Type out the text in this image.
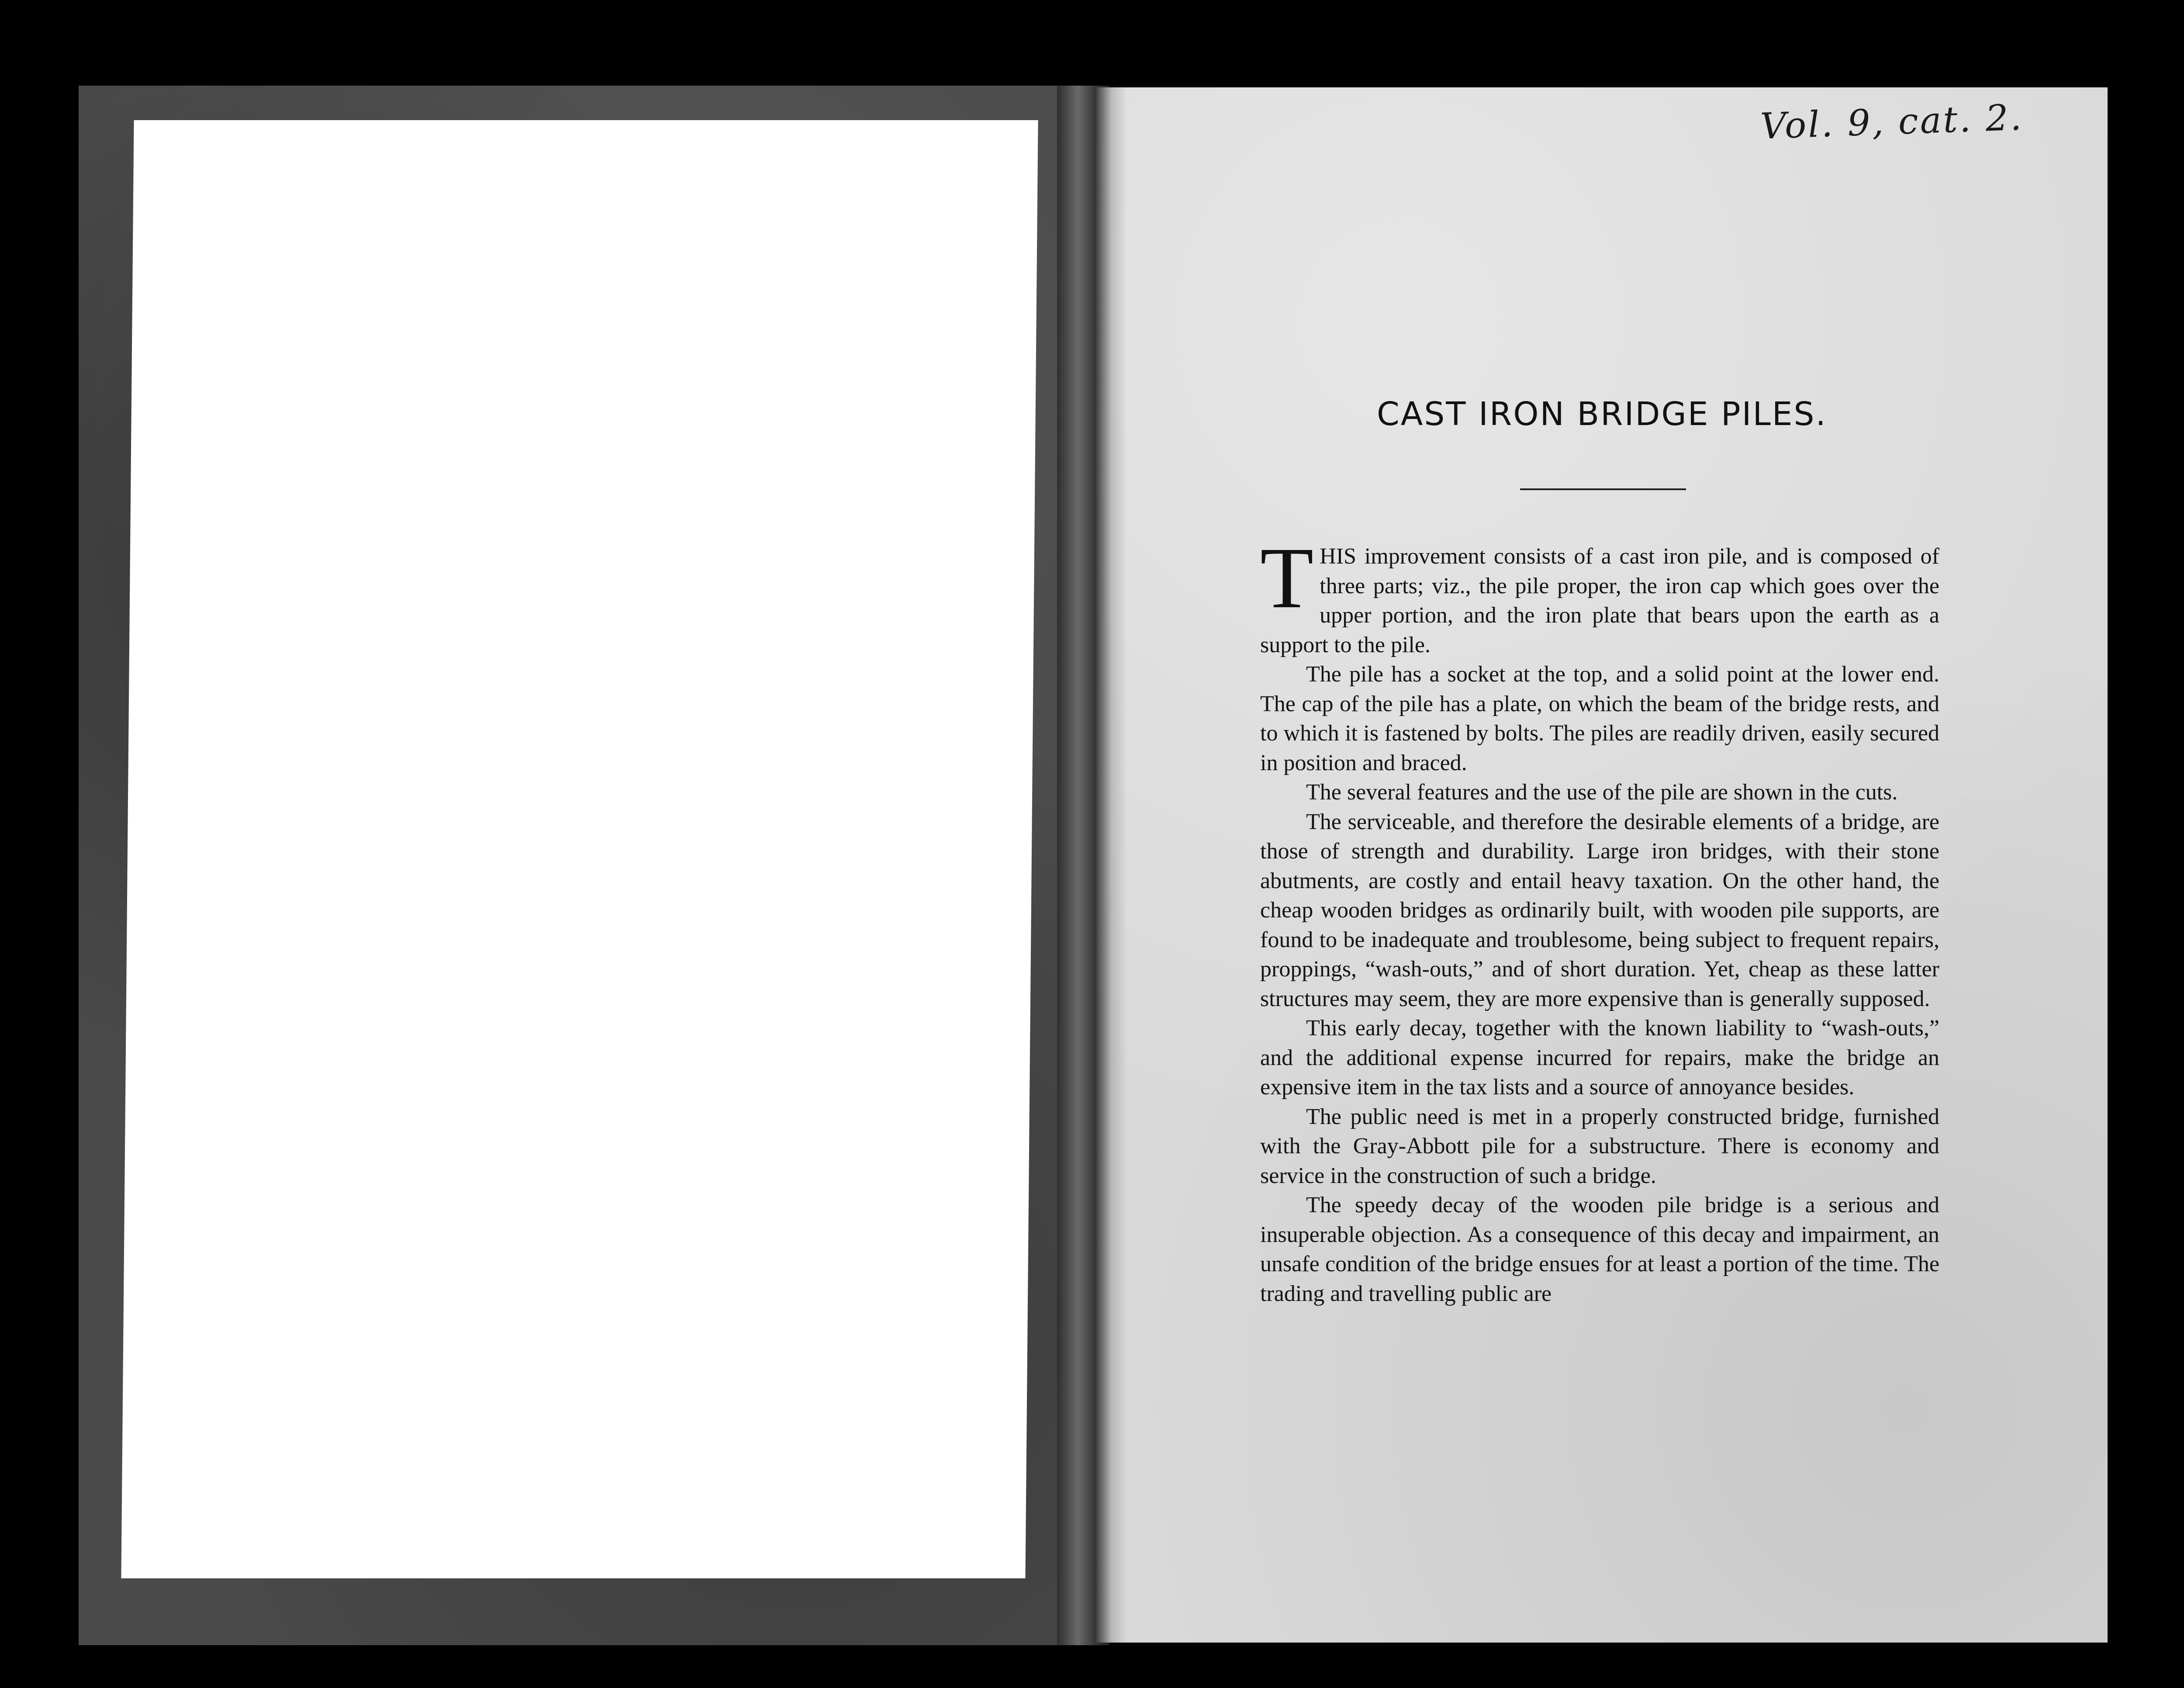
Vol. 9, cat. 2.
CAST IRON BRIDGE PILES.

THIS improvement consists of a cast iron pile, and is composed of three parts; viz., the pile proper, the iron cap which goes over the upper portion, and the iron plate that bears upon the earth as a support to the pile.

The pile has a socket at the top, and a solid point at the lower end. The cap of the pile has a plate, on which the beam of the bridge rests, and to which it is fastened by bolts. The piles are readily driven, easily secured in position and braced.

The several features and the use of the pile are shown in the cuts.

The serviceable, and therefore the desirable elements of a bridge, are those of strength and durability. Large iron bridges, with their stone abutments, are costly and entail heavy taxation. On the other hand, the cheap wooden bridges as ordinarily built, with wooden pile supports, are found to be inadequate and troublesome, being subject to frequent repairs, proppings, “wash-outs,” and of short duration. Yet, cheap as these latter structures may seem, they are more expensive than is generally supposed.

This early decay, together with the known liability to “wash-outs,” and the additional expense incurred for repairs, make the bridge an expensive item in the tax lists and a source of annoyance besides.

The public need is met in a properly constructed bridge, furnished with the Gray-Abbott pile for a substructure. There is economy and service in the construction of such a bridge.

The speedy decay of the wooden pile bridge is a serious and insuperable objection. As a consequence of this decay and impairment, an unsafe condition of the bridge ensues for at least a portion of the time. The trading and travelling public are
